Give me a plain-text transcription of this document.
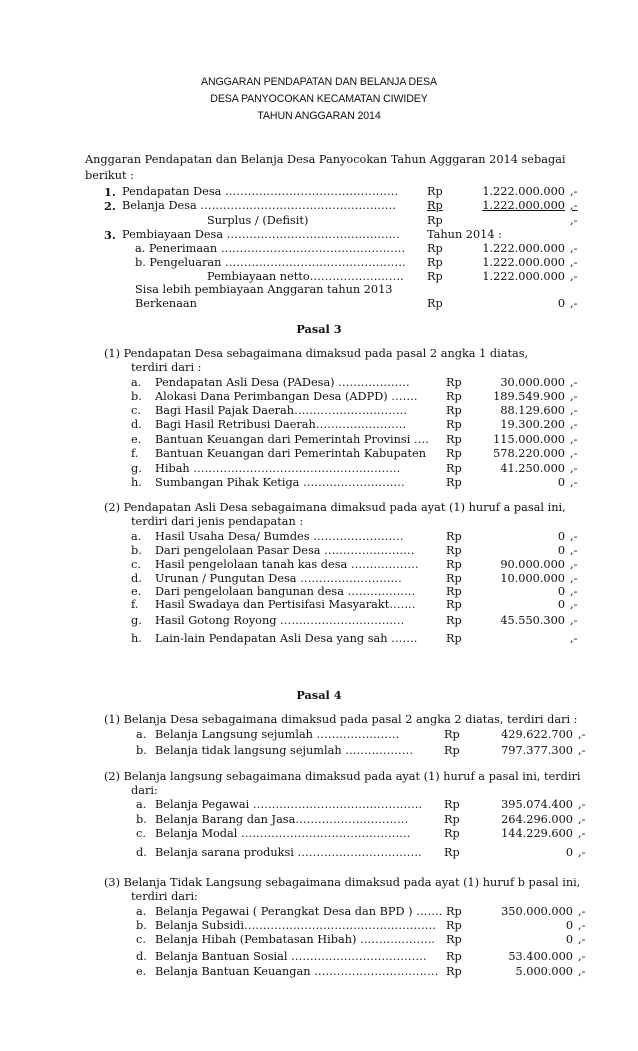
ANGGARAN PENDAPATAN DAN BELANJA DESA
DESA PANYOCOKAN KECAMATAN CIWIDEY
TAHUN ANGGARAN 2014
Anggaran Pendapatan dan Belanja Desa Panyocokan Tahun Agggaran 2014 sebagai
berikut :
1. Pendapatan Desa ……………………………………….	Rp	1.222.000.000 ,-
2. Belanja Desa …………………………………………….	Rp	1.222.000.000 ,-
Surplus / (Defisit)	Rp	,-
3. Pembiayaan Desa ………………………………………. Tahun 2014 :
a. Penerimaan …………………………………………. Rp	1.222.000.000 ,-
b. Pengeluaran ………………………………………… Rp	1.222.000.000 ,-
Pembiayaan netto……………………. Rp	1.222.000.000 ,-
Sisa lebih pembiayaan Anggaran tahun 2013
Berkenaan	Rp	0 ,-
Pasal 3
(1) Pendapatan Desa sebagaimana dimaksud pada pasal 2 angka 1 diatas,
terdiri dari :
a. Pendapatan Asli Desa (PADesa) ……………….	Rp	30.000.000 ,-
b. Alokasi Dana Perimbangan Desa (ADPD) …….	Rp	189.549.900 ,-
c. Bagi Hasil Pajak Daerah…………………………	Rp	88.129.600 ,-
d. Bagi Hasil Retribusi Daerah……………………	Rp	19.300.200 ,-
e. Bantuan Keuangan dari Pemerintah Provinsi …. Rp	115.000.000 ,-
f. Bantuan Keuangan dari Pemerintah Kabupaten Rp	578.220.000 ,-
g. Hibah ……………………………………………….	Rp	41.250.000 ,-
h. Sumbangan Pihak Ketiga ………………………	Rp	0 ,-
(2) Pendapatan Asli Desa sebagaimana dimaksud pada ayat (1) huruf a pasal ini,
terdiri dari jenis pendapatan :
a. Hasil Usaha Desa/ Bumdes ……………………	Rp	0 ,-
b. Dari pengelolaan Pasar Desa ……………………	Rp	0 ,-
c. Hasil pengelolaan tanah kas desa ……………… Rp	90.000.000 ,-
d. Urunan / Pungutan Desa ………………………	Rp	10.000.000 ,-
e. Dari pengelolaan bangunan desa ………………	Rp	0 ,-
f. Hasil Swadaya dan Pertisifasi Masyarakt…….	Rp	0 ,-
g. Hasil Gotong Royong ……………………………	Rp	45.550.300 ,-
h. Lain-lain Pendapatan Asli Desa yang sah …….	Rp	,-
Pasal 4
(1) Belanja Desa sebagaimana dimaksud pada pasal 2 angka 2 diatas, terdiri dari :
a. Belanja Langsung sejumlah ………………….	Rp	429.622.700 ,-
b. Belanja tidak langsung sejumlah ………………	Rp	797.377.300 ,-
(2) Belanja langsung sebagaimana dimaksud pada ayat (1) huruf a pasal ini, terdiri
dari:
a. Belanja Pegawai ……………………………………… Rp	395.074.400 ,-
b. Belanja Barang dan Jasa…………………………	Rp	264.296.000 ,-
c. Belanja Modal ………………………………………	Rp	144.229.600 ,-
d. Belanja sarana produksi …………………………… Rp	0 ,-
(3) Belanja Tidak Langsung sebagaimana dimaksud pada ayat (1) huruf b pasal ini,
terdiri dari:
a. Belanja Pegawai ( Perangkat Desa dan BPD ) ……. Rp	350.000.000 ,-
b. Belanja Subsidi…………………………………………… Rp	0 ,-
c. Belanja Hibah (Pembatasan Hibah) ……………….. Rp	0 ,-
d. Belanja Bantuan Sosial ……………………………… Rp	53.400.000 ,-
e. Belanja Bantuan Keuangan …………………………… Rp	5.000.000 ,-
